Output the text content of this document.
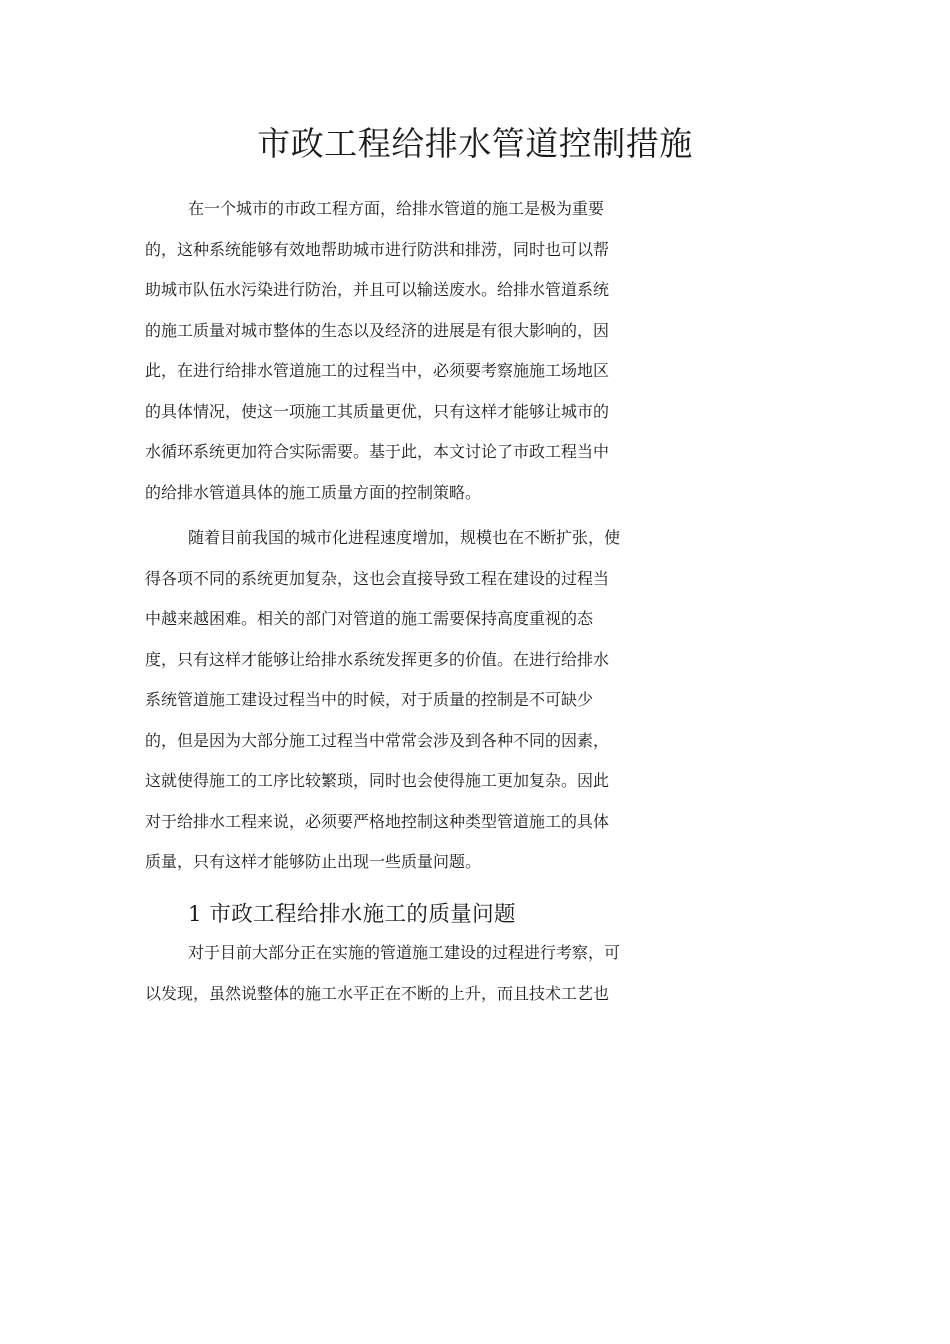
市政工程给排水管道控制措施
在一个城市的市政工程方面，给排水管道的施工是极为重要
的，这种系统能够有效地帮助城市进行防洪和排涝，同时也可以帮
助城市队伍水污染进行防治，并且可以输送废水。给排水管道系统
的施工质量对城市整体的生态以及经济的进展是有很大影响的，因
此，在进行给排水管道施工的过程当中，必须要考察施施工场地区
的具体情况，使这一项施工其质量更优，只有这样才能够让城市的
水循环系统更加符合实际需要。基于此，本文讨论了市政工程当中
的给排水管道具体的施工质量方面的控制策略。
随着目前我国的城市化进程速度增加，规模也在不断扩张，使
得各项不同的系统更加复杂，这也会直接导致工程在建设的过程当
中越来越困难。相关的部门对管道的施工需要保持高度重视的态
度，只有这样才能够让给排水系统发挥更多的价值。在进行给排水
系统管道施工建设过程当中的时候，对于质量的控制是不可缺少
的，但是因为大部分施工过程当中常常会涉及到各种不同的因素，
这就使得施工的工序比较繁琐，同时也会使得施工更加复杂。因此
对于给排水工程来说，必须要严格地控制这种类型管道施工的具体
质量，只有这样才能够防止出现一些质量问题。
1 市政工程给排水施工的质量问题
对于目前大部分正在实施的管道施工建设的过程进行考察，可
以发现，虽然说整体的施工水平正在不断的上升，而且技术工艺也
